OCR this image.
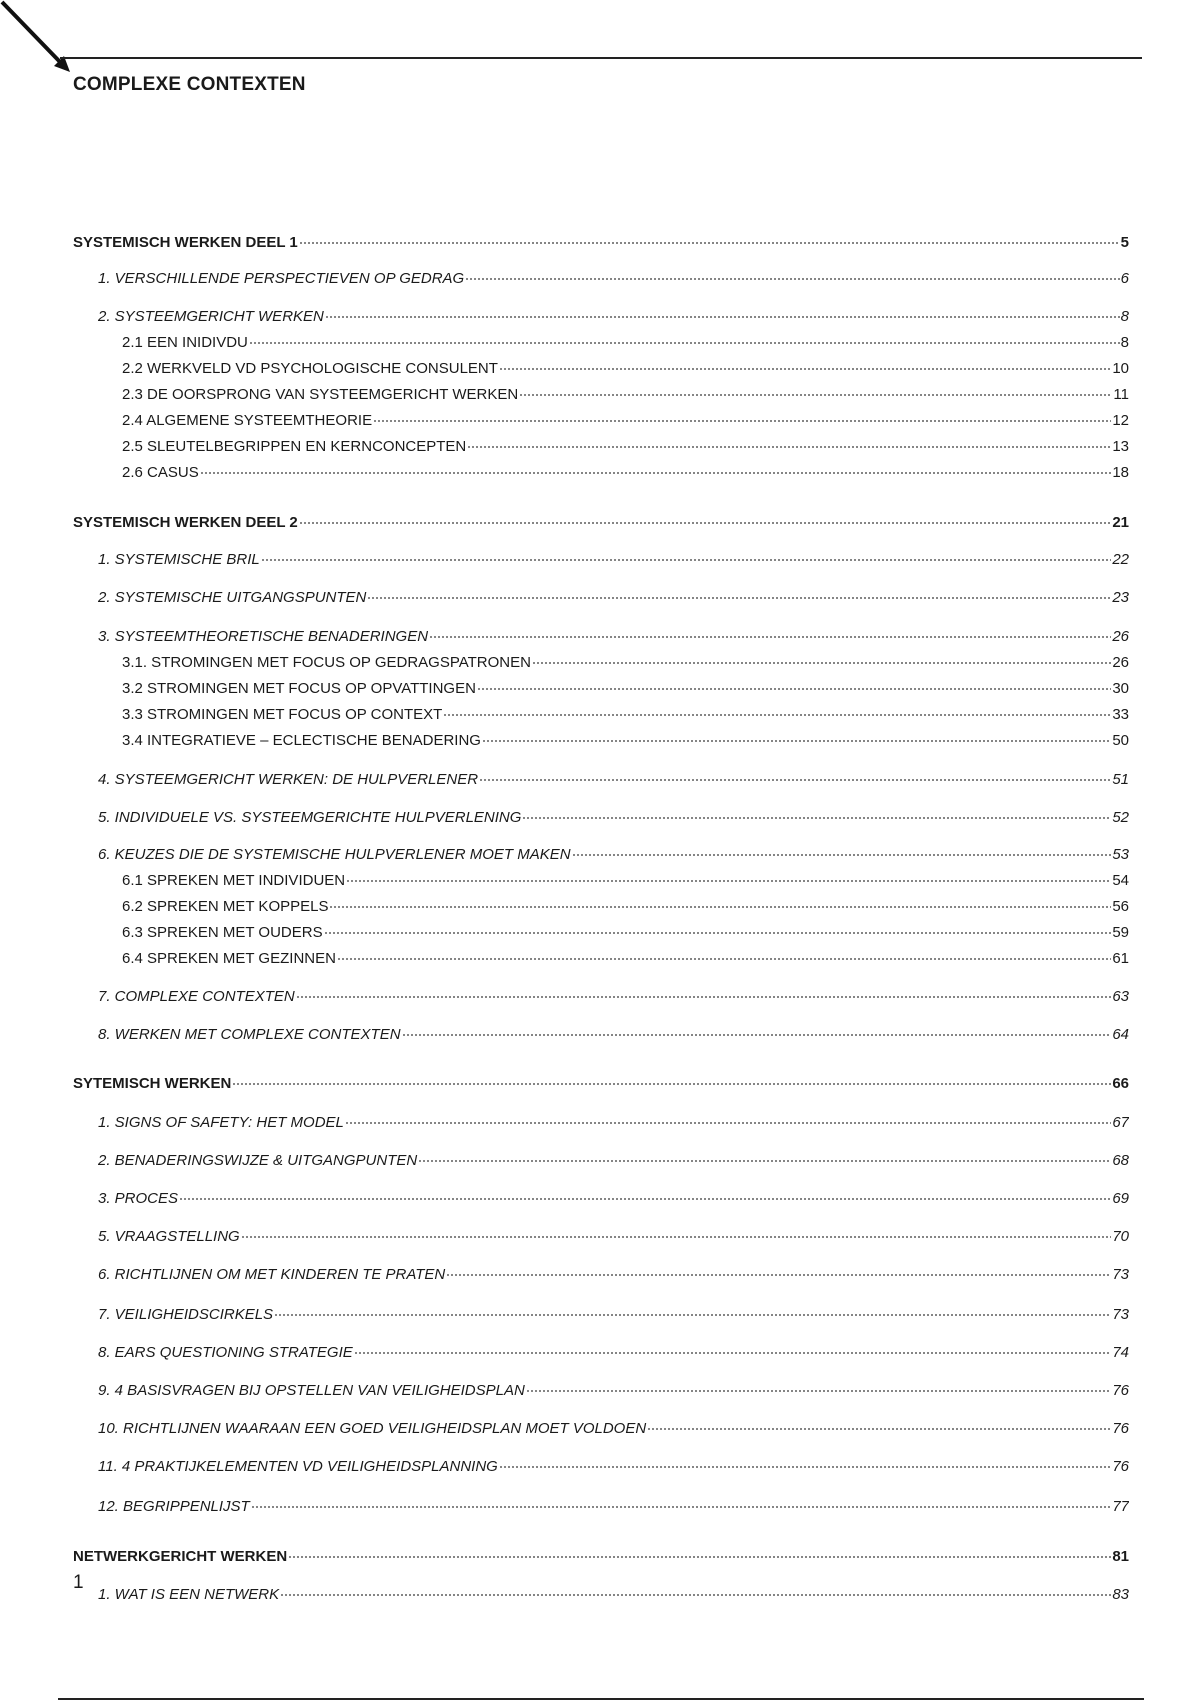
COMPLEXE CONTEXTEN
SYSTEMISCH WERKEN DEEL 1	5
1. VERSCHILLENDE PERSPECTIEVEN OP GEDRAG	6
2. SYSTEEMGERICHT WERKEN	8
2.1 EEN INIDIVDU	8
2.2 WERKVELD VD PSYCHOLOGISCHE CONSULENT	10
2.3 DE OORSPRONG VAN SYSTEEMGERICHT WERKEN	11
2.4 ALGEMENE SYSTEEMTHEORIE	12
2.5 SLEUTELBEGRIPPEN EN KERNCONCEPTEN	13
2.6 CASUS	18
SYSTEMISCH WERKEN DEEL 2	21
1. SYSTEMISCHE BRIL	22
2. SYSTEMISCHE UITGANGSPUNTEN	23
3. SYSTEEMTHEORETISCHE BENADERINGEN	26
3.1. STROMINGEN MET FOCUS OP GEDRAGSPATRONEN	26
3.2 STROMINGEN MET FOCUS OP OPVATTINGEN	30
3.3 STROMINGEN MET FOCUS OP CONTEXT	33
3.4 INTEGRATIEVE – ECLECTISCHE BENADERING	50
4. SYSTEEMGERICHT WERKEN: DE HULPVERLENER	51
5. INDIVIDUELE VS. SYSTEEMGERICHTE HULPVERLENING	52
6. KEUZES DIE DE SYSTEMISCHE HULPVERLENER MOET MAKEN	53
6.1 SPREKEN MET INDIVIDUEN	54
6.2 SPREKEN MET KOPPELS	56
6.3 SPREKEN MET OUDERS	59
6.4 SPREKEN MET GEZINNEN	61
7. COMPLEXE CONTEXTEN	63
8. WERKEN MET COMPLEXE CONTEXTEN	64
SYTEMISCH WERKEN	66
1. SIGNS OF SAFETY: HET MODEL	67
2. BENADERINGSWIJZE & UITGANGPUNTEN	68
3. PROCES	69
5. VRAAGSTELLING	70
6. RICHTLIJNEN OM MET KINDEREN TE PRATEN	73
7. VEILIGHEIDSCIRKELS	73
8. EARS QUESTIONING STRATEGIE	74
9. 4 BASISVRAGEN BIJ OPSTELLEN VAN VEILIGHEIDSPLAN	76
10. RICHTLIJNEN WAARAAN EEN GOED VEILIGHEIDSPLAN MOET VOLDOEN	76
11. 4 PRAKTIJKELEMENTEN VD VEILIGHEIDSPLANNING	76
12. BEGRIPPENLIJST	77
NETWERKGERICHT WERKEN	81
1. WAT IS EEN NETWERK	83
1
